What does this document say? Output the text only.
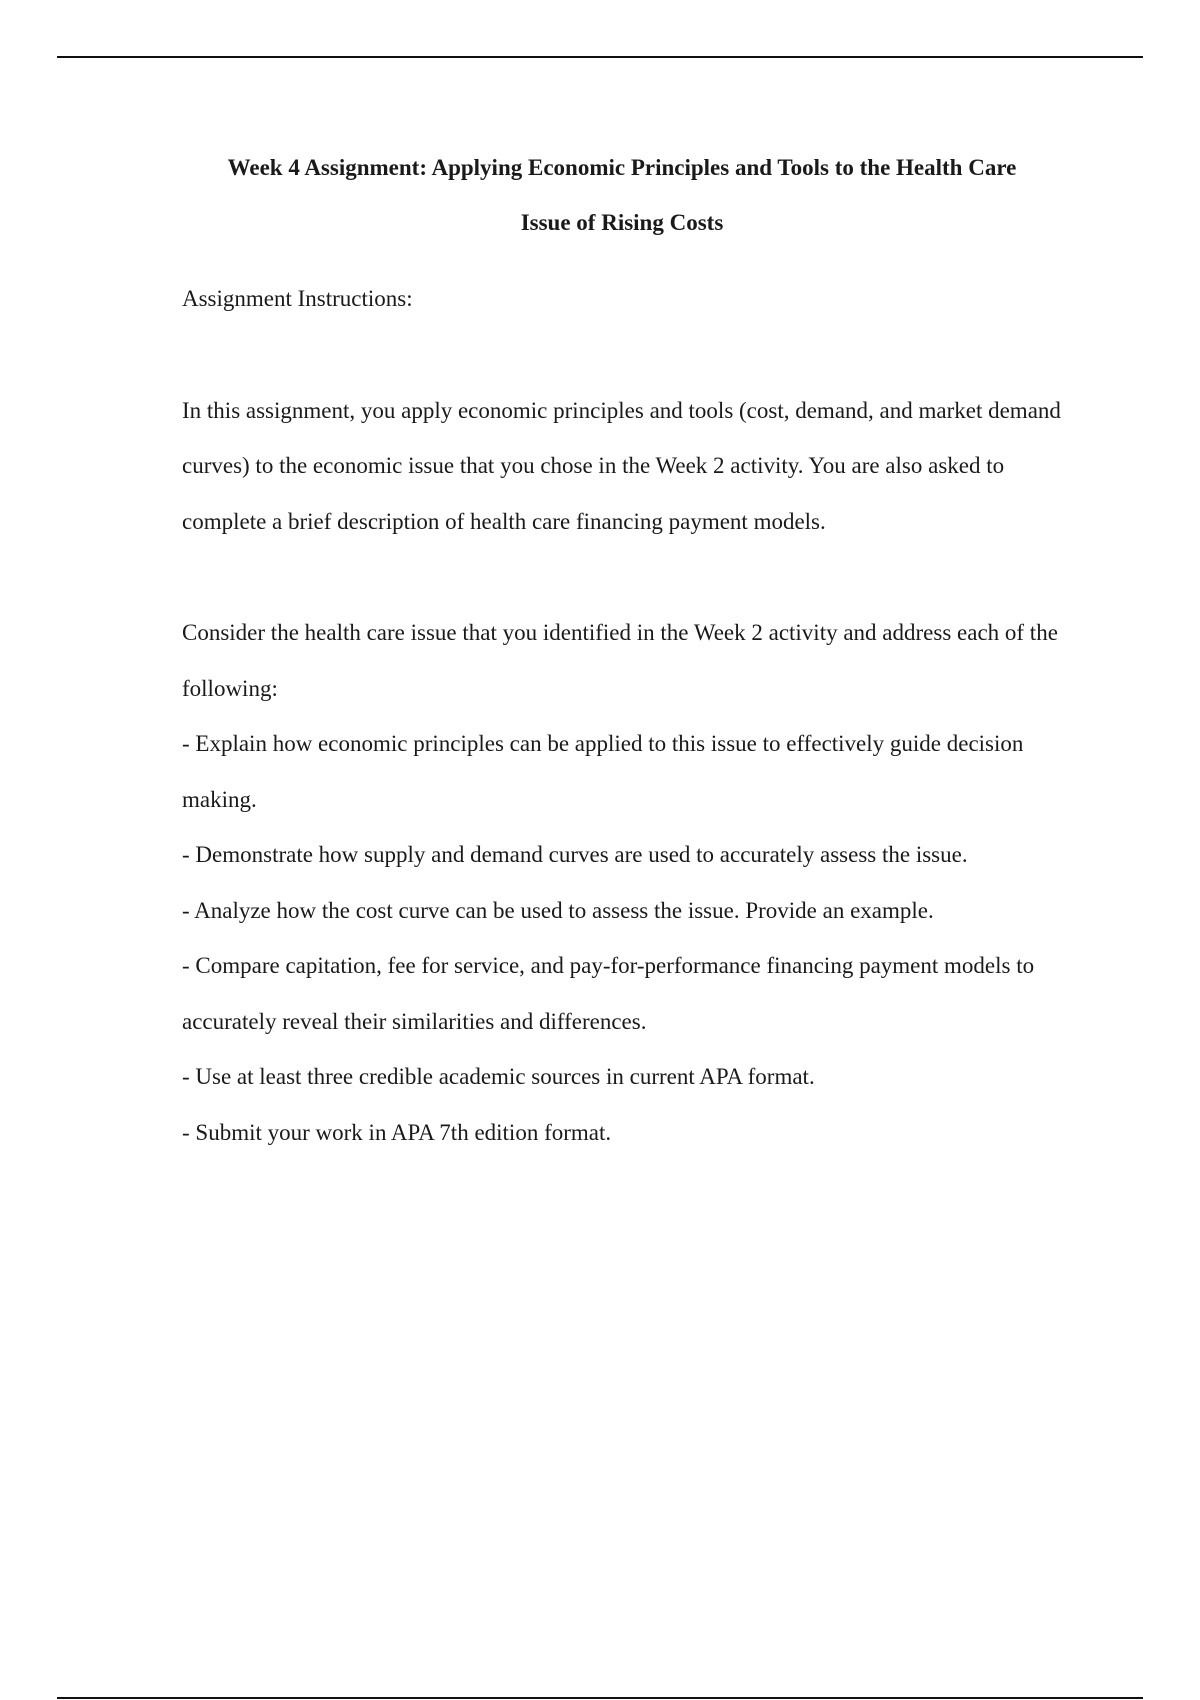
Week 4 Assignment: Applying Economic Principles and Tools to the Health Care
Issue of Rising Costs

Assignment Instructions:

In this assignment, you apply economic principles and tools (cost, demand, and market demand curves) to the economic issue that you chose in the Week 2 activity. You are also asked to complete a brief description of health care financing payment models.

Consider the health care issue that you identified in the Week 2 activity and address each of the following:

- Explain how economic principles can be applied to this issue to effectively guide decision making.
- Demonstrate how supply and demand curves are used to accurately assess the issue.
- Analyze how the cost curve can be used to assess the issue. Provide an example.
- Compare capitation, fee for service, and pay-for-performance financing payment models to accurately reveal their similarities and differences.
- Use at least three credible academic sources in current APA format.
- Submit your work in APA 7th edition format.
